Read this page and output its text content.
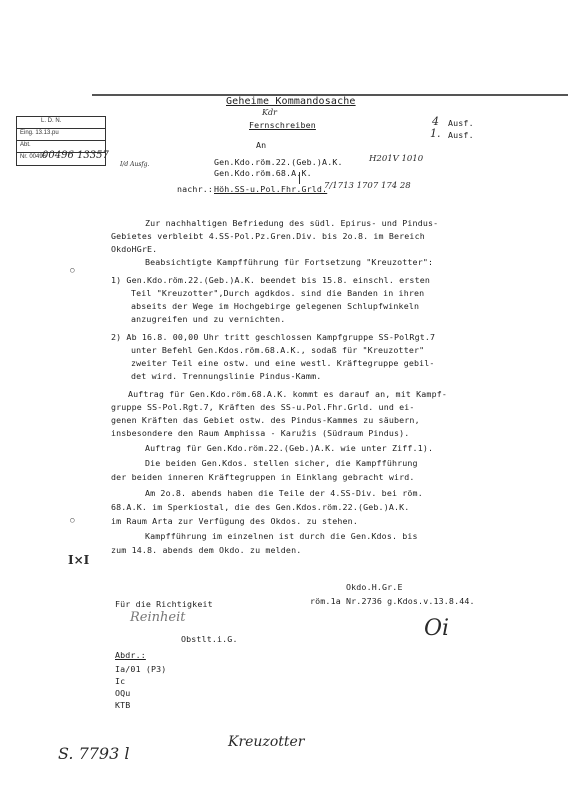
L. D. N.
Eing. 13.13.pu
Abt.
Nr. 00496
Geheime Kommandosache
Kdr
Fernschreiben	4 Ausf.
1. Ausf.
An
00496 13357
I/d Ausfg.	Gen.Kdo.röm.22.(Geb.)A.K.	H201V 1010
Gen.Kdo.röm.68.A.K.
nachr.: Höh.SS-u.Pol.Fhr.Grld.
7/1713 1707 174 28
Zur nachhaltigen Befriedung des südl. Epirus- und Pindus-
Gebietes verbleibt 4.SS-Pol.Pz.Gren.Div. bis 2o.8. im Bereich
OkdoHGrE.
Beabsichtigte Kampfführung für Fortsetzung "Kreuzotter":
1) Gen.Kdo.röm.22.(Geb.)A.K. beendet bis 15.8. einschl. ersten
Teil "Kreuzotter",Durch agdkdos. sind die Banden in ihren
abseits der Wege im Hochgebirge gelegenen Schlupfwinkeln
anzugreifen und zu vernichten.
2) Ab 16.8. 00,00 Uhr tritt geschlossen Kampfgruppe SS-PolRgt.7
unter Befehl Gen.Kdos.röm.68.A.K., sodaß für "Kreuzotter"
zweiter Teil eine ostw. und eine westl. Kräftegruppe gebil-
det wird. Trennungslinie Pindus-Kamm.
Auftrag für Gen.Kdo.röm.68.A.K. kommt es darauf an, mit Kampf-
gruppe SS-Pol.Rgt.7, Kräften des SS-u.Pol.Fhr.Grld. und ei-
genen Kräften das Gebiet ostw. des Pindus-Kammes zu säubern,
insbesondere den Raum Amphissa - Karužis (Südraum Pindus).
Auftrag für Gen.Kdo.röm.22.(Geb.)A.K. wie unter Ziff.1).
Die beiden Gen.Kdos. stellen sicher, die Kampfführung
der beiden inneren Kräftegruppen in Einklang gebracht wird.
Am 2o.8. abends haben die Teile der 4.SS-Div. bei röm.
68.A.K. im Sperkiostal, die des Gen.Kdos.röm.22.(Geb.)A.K.
im Raum Arta zur Verfügung des Okdos. zu stehen.
Kampfführung im einzelnen ist durch die Gen.Kdos. bis
zum 14.8. abends dem Okdo. zu melden.
◦
◦
I×I
Okdo.H.Gr.E
röm.1a Nr.2736 g.Kdos.v.13.8.44.
Für die Richtigkeit
Reinheit
Obstlt.i.G.	Oi
Abdr.:
Ia/01 (P3)
Ic
OQu
KTB
S. 7793 l
Kreuzotter
